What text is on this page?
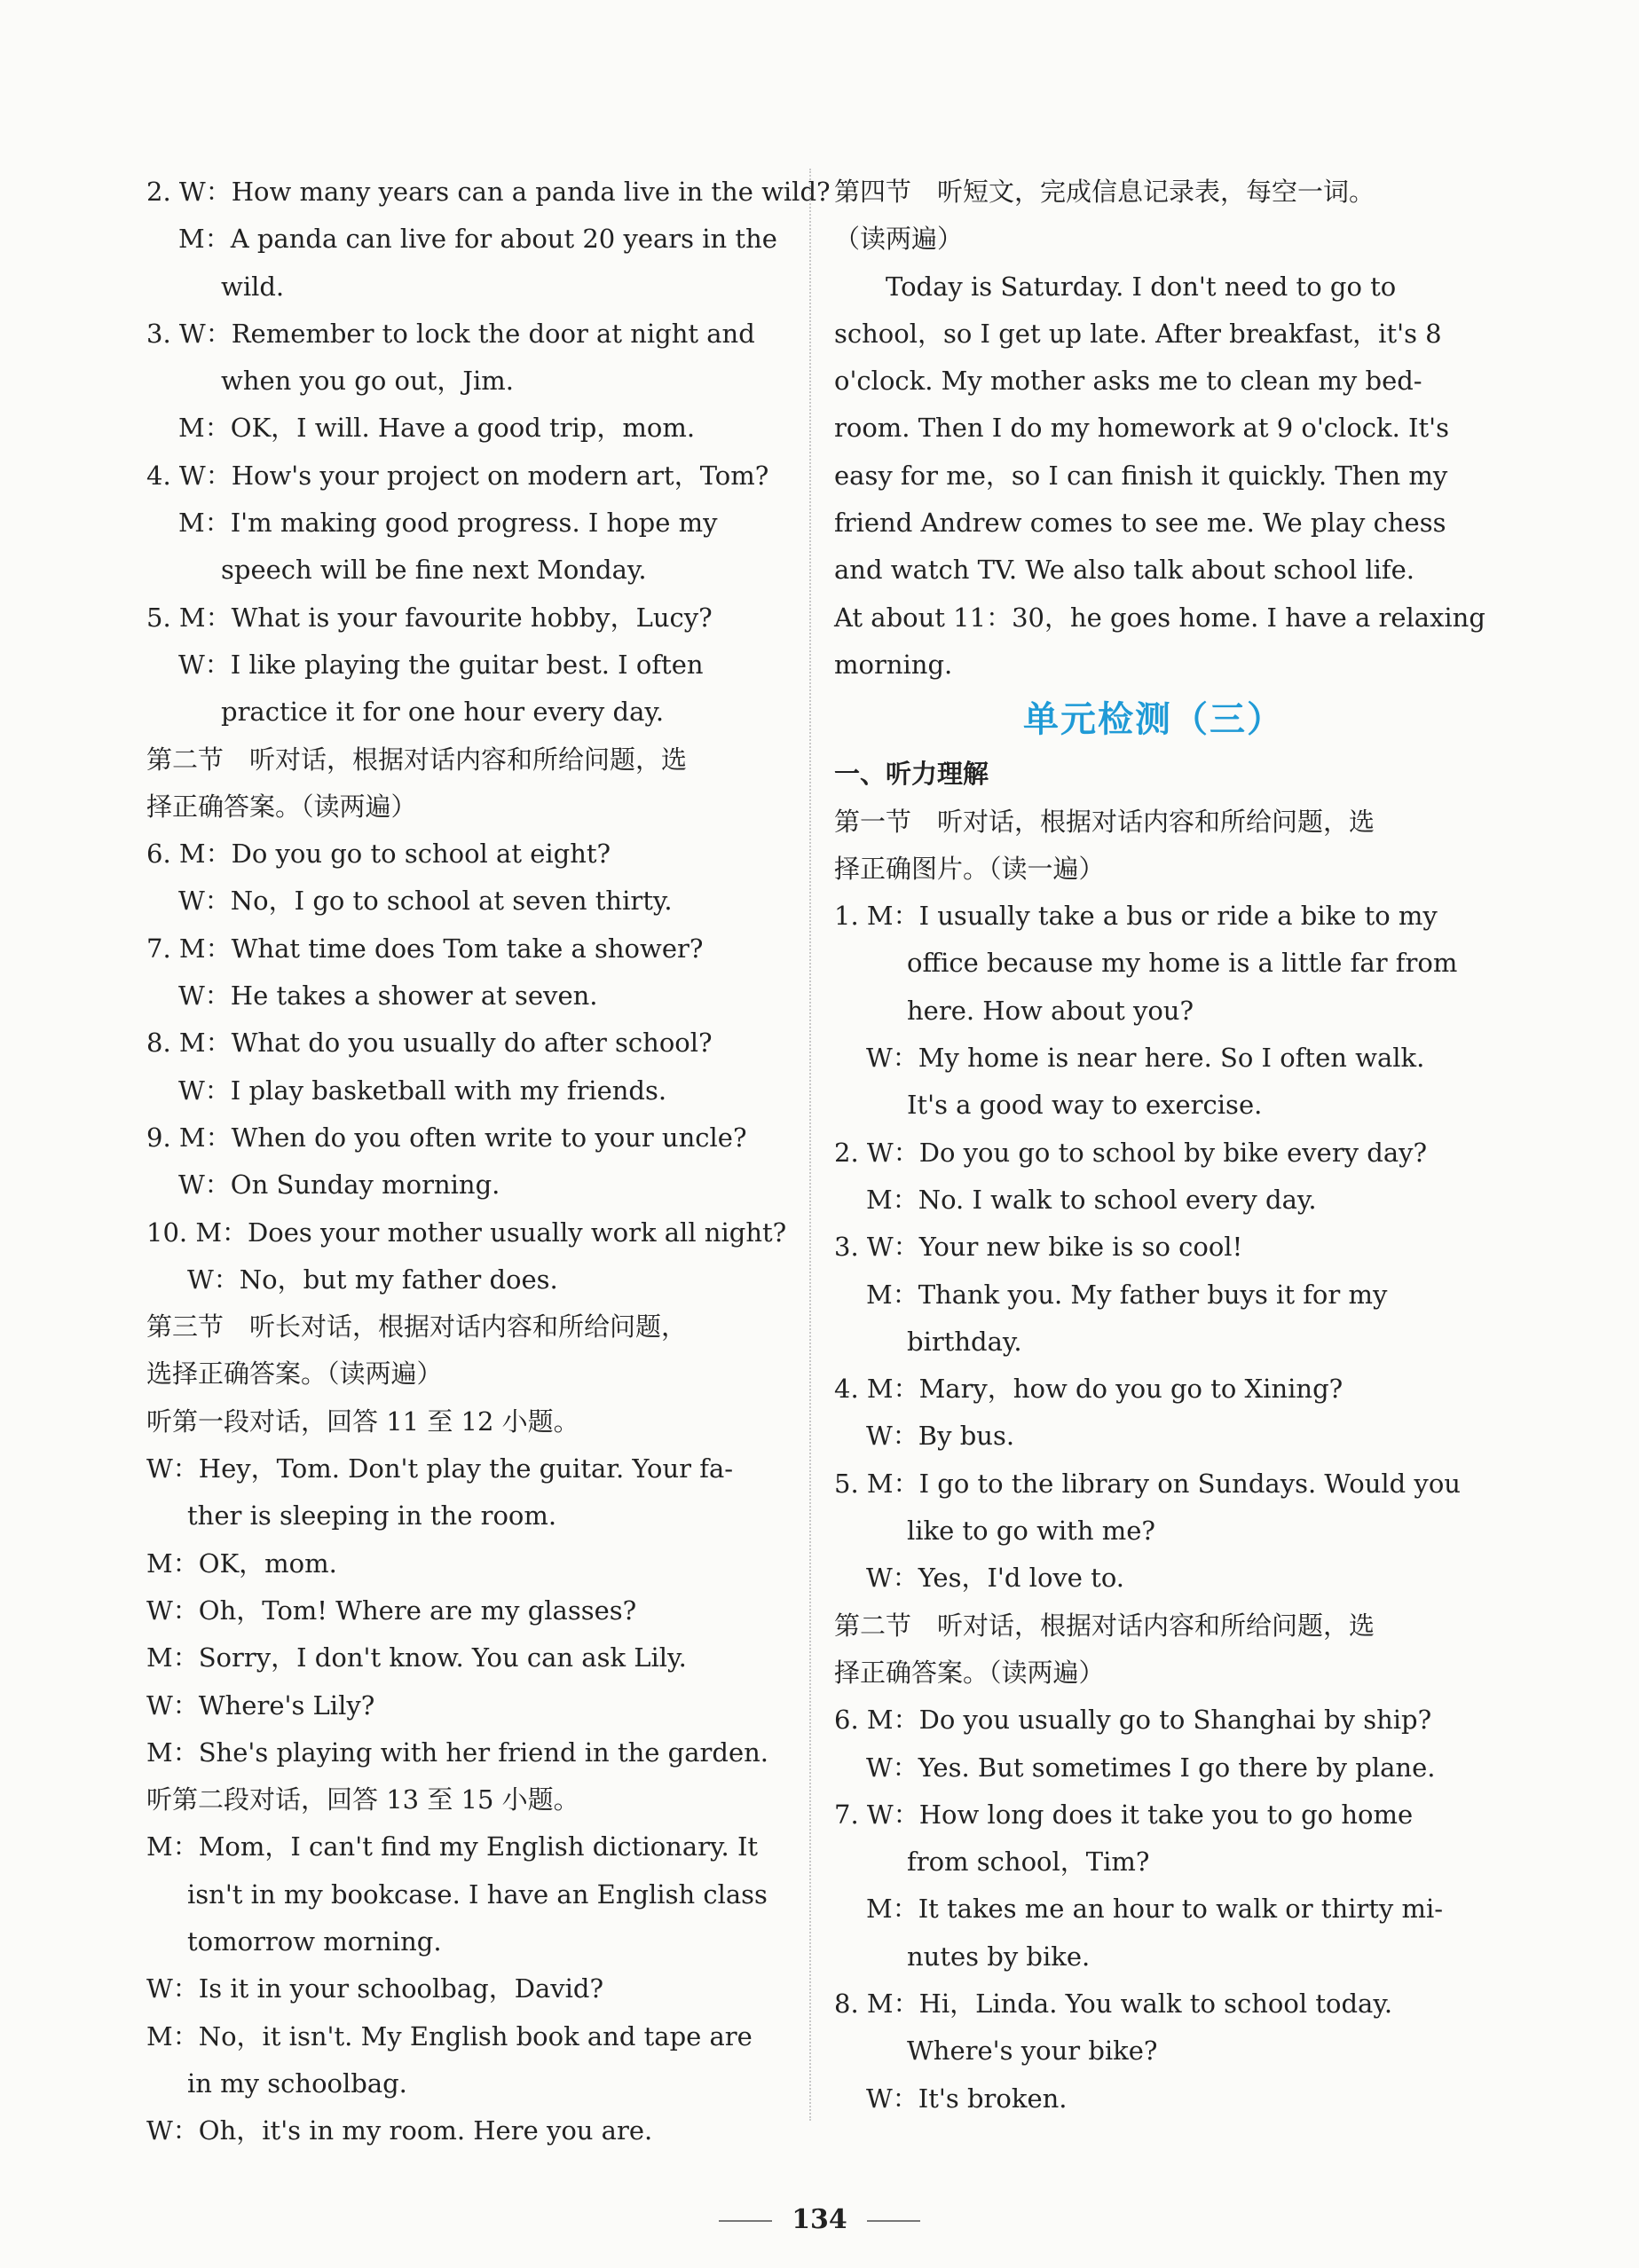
2. W：How many years can a panda live in the wild?
M：A panda can live for about 20 years in the
wild.
3. W：Remember to lock the door at night and
when you go out，Jim.
M：OK，I will. Have a good trip，mom.
4. W：How's your project on modern art，Tom?
M：I'm making good progress. I hope my
speech will be fine next Monday.
5. M：What is your favourite hobby，Lucy?
W：I like playing the guitar best. I often
practice it for one hour every day.
第二节　听对话，根据对话内容和所给问题，选
择正确答案。（读两遍）
6. M：Do you go to school at eight?
W：No，I go to school at seven thirty.
7. M：What time does Tom take a shower?
W：He takes a shower at seven.
8. M：What do you usually do after school?
W：I play basketball with my friends.
9. M：When do you often write to your uncle?
W：On Sunday morning.
10. M：Does your mother usually work all night?
W：No，but my father does.
第三节　听长对话，根据对话内容和所给问题，
选择正确答案。（读两遍）
听第一段对话，回答 11 至 12 小题。
W：Hey，Tom. Don't play the guitar. Your fa-
ther is sleeping in the room.
M：OK，mom.
W：Oh，Tom! Where are my glasses?
M：Sorry，I don't know. You can ask Lily.
W：Where's Lily?
M：She's playing with her friend in the garden.
听第二段对话，回答 13 至 15 小题。
M：Mom，I can't find my English dictionary. It
isn't in my bookcase. I have an English class
tomorrow morning.
W：Is it in your schoolbag，David?
M：No，it isn't. My English book and tape are
in my schoolbag.
W：Oh，it's in my room. Here you are.
第四节　听短文，完成信息记录表，每空一词。
（读两遍）
Today is Saturday. I don't need to go to
school，so I get up late. After breakfast，it's 8
o'clock. My mother asks me to clean my bed-
room. Then I do my homework at 9 o'clock. It's
easy for me，so I can finish it quickly. Then my
friend Andrew comes to see me. We play chess
and watch TV. We also talk about school life.
At about 11：30，he goes home. I have a relaxing
morning.
单元检测（三）
一、听力理解
第一节　听对话，根据对话内容和所给问题，选
择正确图片。（读一遍）
1. M：I usually take a bus or ride a bike to my
office because my home is a little far from
here. How about you?
W：My home is near here. So I often walk.
It's a good way to exercise.
2. W：Do you go to school by bike every day?
M：No. I walk to school every day.
3. W：Your new bike is so cool!
M：Thank you. My father buys it for my
birthday.
4. M：Mary，how do you go to Xining?
W：By bus.
5. M：I go to the library on Sundays. Would you
like to go with me?
W：Yes，I'd love to.
第二节　听对话，根据对话内容和所给问题，选
择正确答案。（读两遍）
6. M：Do you usually go to Shanghai by ship?
W：Yes. But sometimes I go there by plane.
7. W：How long does it take you to go home
from school，Tim?
M：It takes me an hour to walk or thirty mi-
nutes by bike.
8. M：Hi，Linda. You walk to school today.
Where's your bike?
W：It's broken.
134
